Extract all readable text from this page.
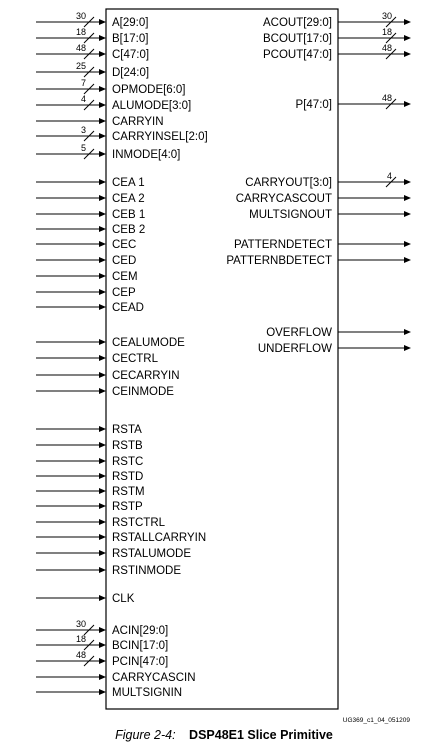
30
A[29:0]
18
B[17:0]
48
C[47:0]
25
D[24:0]
7
OPMODE[6:0]
4
ALUMODE[3:0]
CARRYIN
3
CARRYINSEL[2:0]
5
INMODE[4:0]
CEA 1
CEA 2
CEB 1
CEB 2
CEC
CED
CEM
CEP
CEAD
CEALUMODE
CECTRL
CECARRYIN
CEINMODE
RSTA
RSTB
RSTC
RSTD
RSTM
RSTP
RSTCTRL
RSTALLCARRYIN
RSTALUMODE
RSTINMODE
CLK
30
ACIN[29:0]
18
BCIN[17:0]
48
PCIN[47:0]
CARRYCASCIN
MULTSIGNIN
30
ACOUT[29:0]
18
BCOUT[17:0]
48
PCOUT[47:0]
48
P[47:0]
4
CARRYOUT[3:0]
CARRYCASCOUT
MULTSIGNOUT
PATTERNDETECT
PATTERNBDETECT
OVERFLOW
UNDERFLOW
UG369_c1_04_051209
Figure 2-4: DSP48E1 Slice Primitive
